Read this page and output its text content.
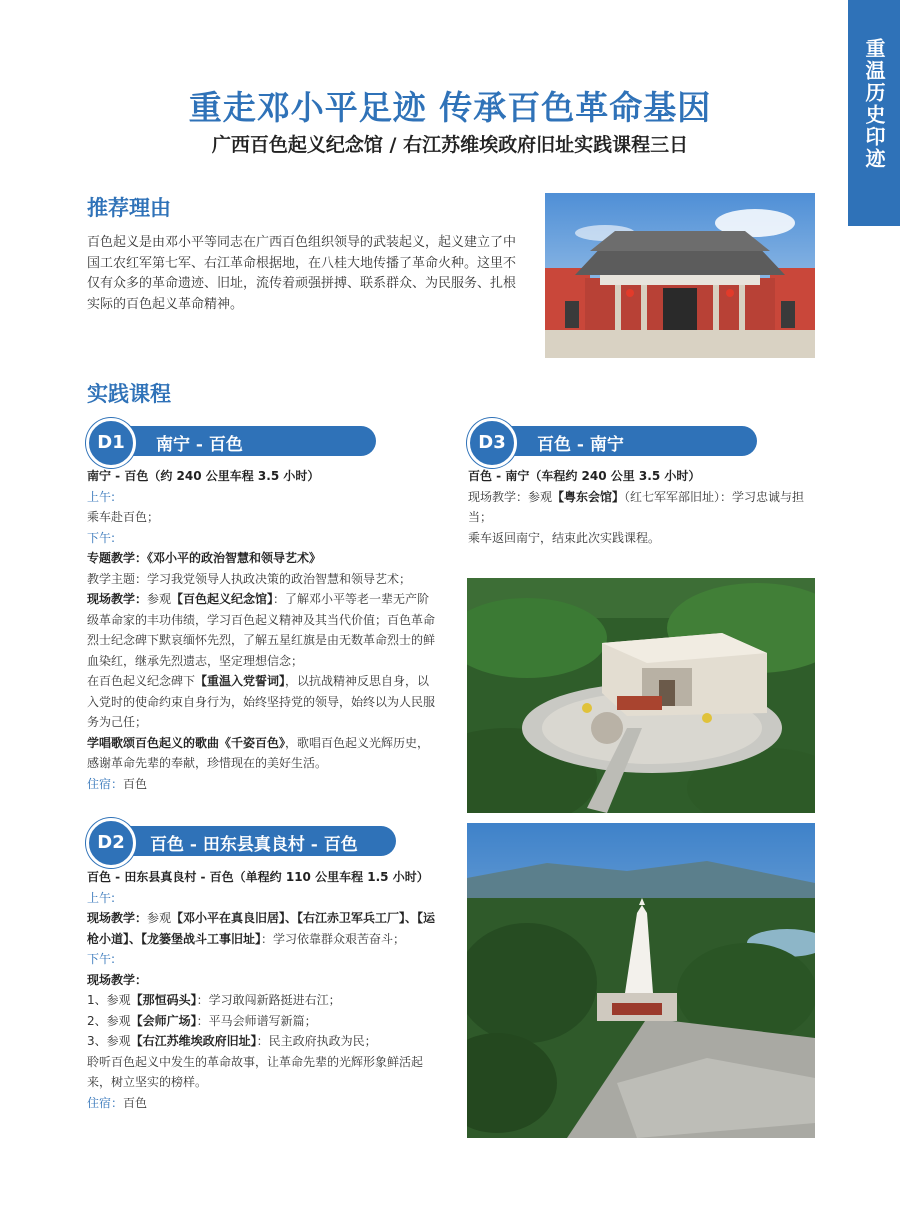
重温历史印迹
重走邓小平足迹 传承百色革命基因
广西百色起义纪念馆 / 右江苏维埃政府旧址实践课程三日
推荐理由
百色起义是由邓小平等同志在广西百色组织领导的武装起义，起义建立了中国工农红军第七军、右江革命根据地，在八桂大地传播了革命火种。这里不仅有众多的革命遗迹、旧址，流传着顽强拼搏、联系群众、为民服务、扎根实际的百色起义革命精神。
实践课程
南宁 - 百色
D1

南宁 - 百色（约 240 公里车程 3.5 小时）

上午:

乘车赴百色；

下午:

专题教学：《邓小平的政治智慧和领导艺术》

教学主题：学习我党领导人执政决策的政治智慧和领导艺术；

现场教学：参观【百色起义纪念馆】：了解邓小平等老一辈无产阶级革命家的丰功伟绩，学习百色起义精神及其当代价值；百色革命烈士纪念碑下默哀缅怀先烈，了解五星红旗是由无数革命烈士的鲜血染红，继承先烈遗志，坚定理想信念；

在百色起义纪念碑下【重温入党誓词】，以抗战精神反思自身，以入党时的使命约束自身行为，始终坚持党的领导，始终以为人民服务为己任；

学唱歌颂百色起义的歌曲《千姿百色》，歌唱百色起义光辉历史，感谢革命先辈的奉献，珍惜现在的美好生活。

住宿：百色

百色 - 田东县真良村 - 百色
D2

百色 - 田东县真良村 - 百色（单程约 110 公里车程 1.5 小时）

上午:

现场教学：参观【邓小平在真良旧居】、【右江赤卫军兵工厂】、【运枪小道】、【龙篓堡战斗工事旧址】：学习依靠群众艰苦奋斗；

下午:

现场教学：

1、参观【那恒码头】：学习敢闯新路挺进右江；

2、参观【会师广场】：平马会师谱写新篇；

3、参观【右江苏维埃政府旧址】：民主政府执政为民；

聆听百色起义中发生的革命故事，让革命先辈的光辉形象鲜活起来，树立坚实的榜样。

住宿：百色

百色 - 南宁
D3

百色 - 南宁（车程约 240 公里 3.5 小时）

现场教学：参观【粤东会馆】（红七军军部旧址）：学习忠诚与担当；

乘车返回南宁，结束此次实践课程。
